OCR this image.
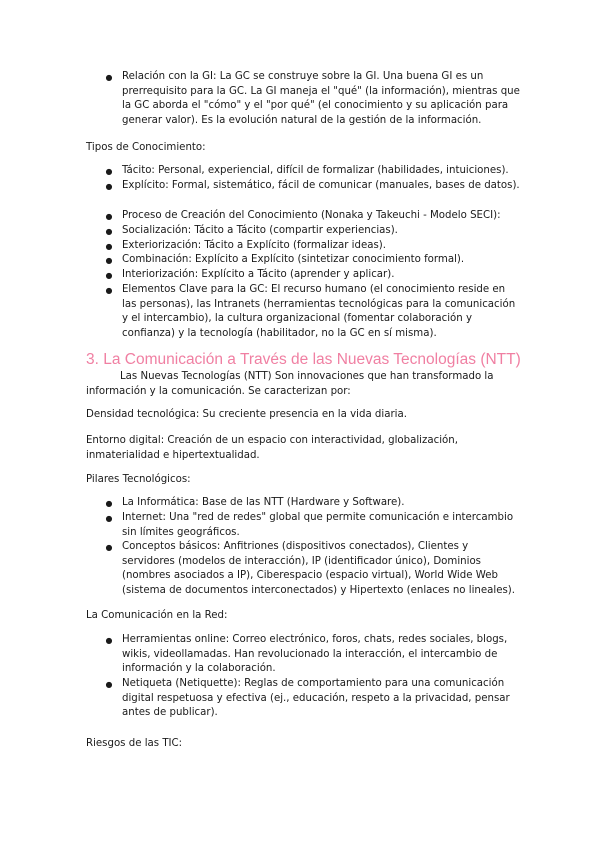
● Relación con la GI: La GC se construye sobre la GI. Una buena GI es un prerrequisito para la GC. La GI maneja el "qué" (la información), mientras que la GC aborda el "cómo" y el "por qué" (el conocimiento y su aplicación para generar valor). Es la evolución natural de la gestión de la información.
Tipos de Conocimiento:
● Tácito: Personal, experiencial, difícil de formalizar (habilidades, intuiciones).
● Explícito: Formal, sistemático, fácil de comunicar (manuales, bases de datos).
● Proceso de Creación del Conocimiento (Nonaka y Takeuchi - Modelo SECI):
● Socialización: Tácito a Tácito (compartir experiencias).
● Exteriorización: Tácito a Explícito (formalizar ideas).
● Combinación: Explícito a Explícito (sintetizar conocimiento formal).
● Interiorización: Explícito a Tácito (aprender y aplicar).
● Elementos Clave para la GC: El recurso humano (el conocimiento reside en las personas), las Intranets (herramientas tecnológicas para la comunicación y el intercambio), la cultura organizacional (fomentar colaboración y confianza) y la tecnología (habilitador, no la GC en sí misma).
3. La Comunicación a Través de las Nuevas Tecnologías (NTT)
Las Nuevas Tecnologías (NTT) Son innovaciones que han transformado la información y la comunicación. Se caracterizan por:
Densidad tecnológica: Su creciente presencia en la vida diaria.
Entorno digital: Creación de un espacio con interactividad, globalización, inmaterialidad e hipertextualidad.
Pilares Tecnológicos:
● La Informática: Base de las NTT (Hardware y Software).
● Internet: Una "red de redes" global que permite comunicación e intercambio sin límites geográficos.
● Conceptos básicos: Anfitriones (dispositivos conectados), Clientes y servidores (modelos de interacción), IP (identificador único), Dominios (nombres asociados a IP), Ciberespacio (espacio virtual), World Wide Web (sistema de documentos interconectados) y Hipertexto (enlaces no lineales).
La Comunicación en la Red:
● Herramientas online: Correo electrónico, foros, chats, redes sociales, blogs, wikis, videollamadas. Han revolucionado la interacción, el intercambio de información y la colaboración.
● Netiqueta (Netiquette): Reglas de comportamiento para una comunicación digital respetuosa y efectiva (ej., educación, respeto a la privacidad, pensar antes de publicar).
Riesgos de las TIC:
